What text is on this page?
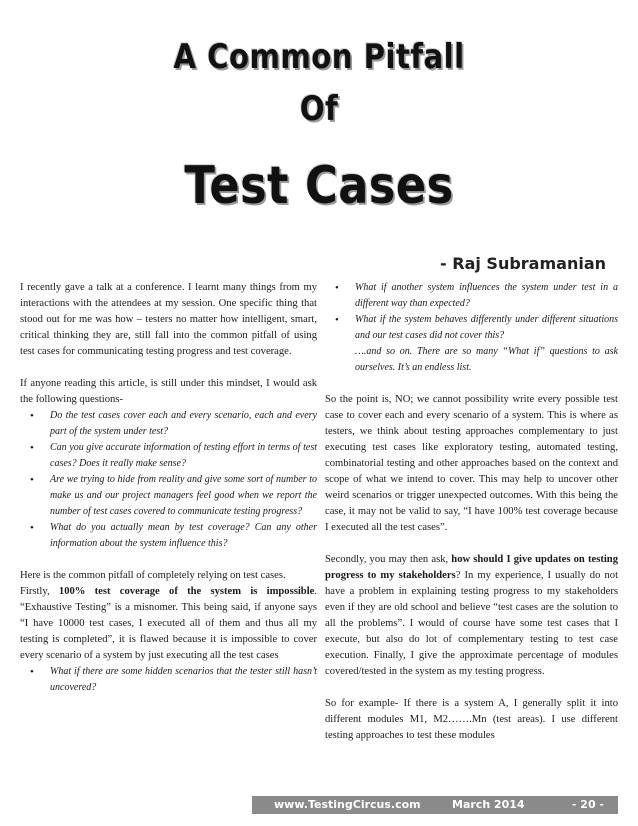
A Common Pitfall
Of
Test Cases
- Raj Subramanian

I recently gave a talk at a conference. I learnt many things from my interactions with the attendees at my session. One specific thing that stood out for me was how – testers no matter how intelligent, smart, critical thinking they are, still fall into the common pitfall of using test cases for communicating testing progress and test coverage.

If anyone reading this article, is still under this mindset, I would ask the following questions-

• Do the test cases cover each and every scenario, each and every part of the system under test?
• Can you give accurate information of testing effort in terms of test cases? Does it really make sense?
• Are we trying to hide from reality and give some sort of number to make us and our project managers feel good when we report the number of test cases covered to communicate testing progress?
• What do you actually mean by test coverage? Can any other information about the system influence this?

Here is the common pitfall of completely relying on test cases.

Firstly, 100% test coverage of the system is impossible. “Exhaustive Testing” is a misnomer. This being said, if anyone says “I have 10000 test cases, I executed all of them and thus all my testing is completed”, it is flawed because it is impossible to cover every scenario of a system by just executing all the test cases

• What if there are some hidden scenarios that the tester still hasn’t uncovered?
• What if another system influences the system under test in a different way than expected?
• What if the system behaves differently under different situations and our test cases did not cover this?

….and so on. There are so many “What if” questions to ask ourselves. It’s an endless list.

So the point is, NO; we cannot possibility write every possible test case to cover each and every scenario of a system. This is where as testers, we think about testing approaches complementary to just executing test cases like exploratory testing, automated testing, combinatorial testing and other approaches based on the context and scope of what we intend to cover. This may help to uncover other weird scenarios or trigger unexpected outcomes. With this being the case, it may not be valid to say, “I have 100% test coverage because I executed all the test cases”.

Secondly, you may then ask, how should I give updates on testing progress to my stakeholders? In my experience, I usually do not have a problem in explaining testing progress to my stakeholders even if they are old school and believe “test cases are the solution to all the problems”. I would of course have some test cases that I execute, but also do lot of complementary testing to test case execution. Finally, I give the approximate percentage of modules covered/tested in the system as my testing progress.

So for example- If there is a system A, I generally split it into different modules M1, M2…….Mn (test areas). I use different testing approaches to test these modules

www.TestingCircus.com	March 2014	- 20 -
